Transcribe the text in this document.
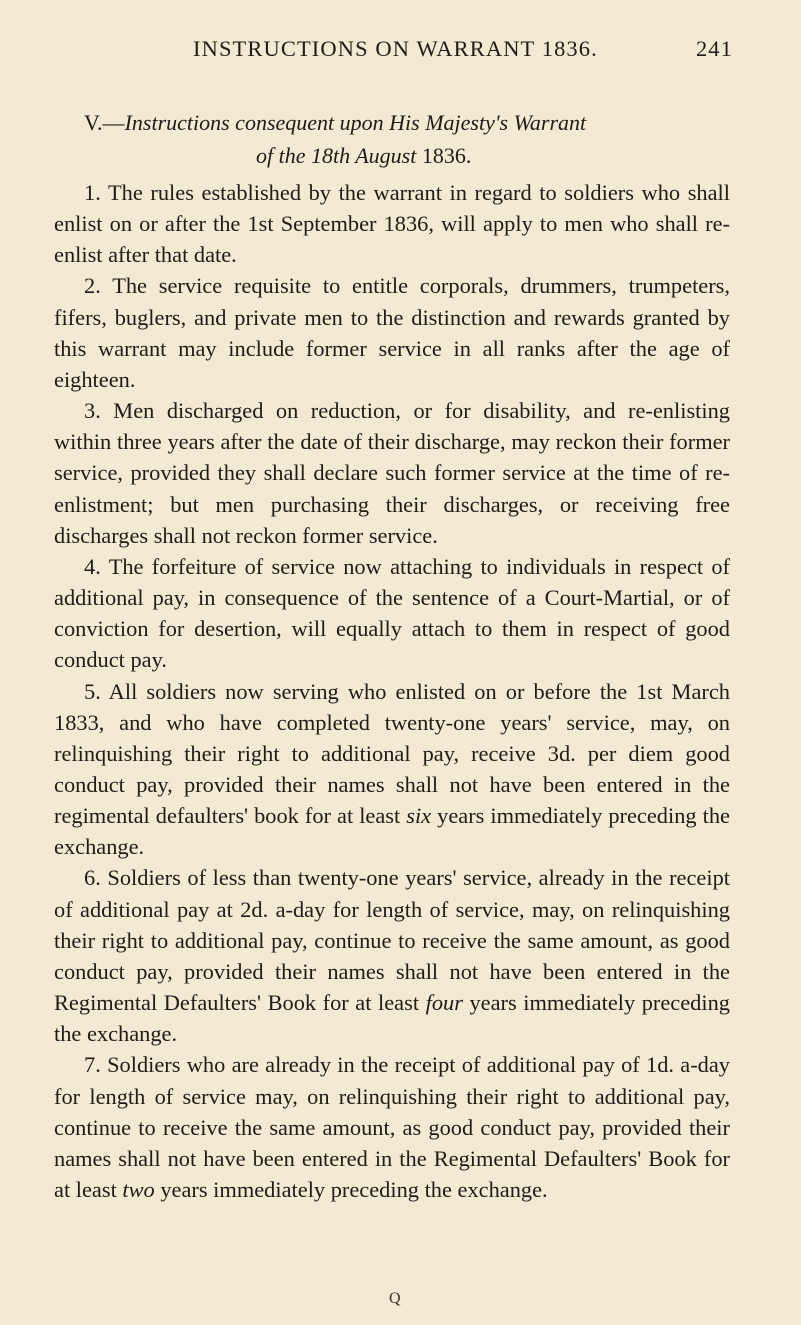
INSTRUCTIONS ON WARRANT 1836.	241
V.—Instructions consequent upon His Majesty's Warrant
of the 18th August 1836.

1. The rules established by the warrant in regard to soldiers who shall enlist on or after the 1st September 1836, will apply to men who shall re-enlist after that date.

2. The service requisite to entitle corporals, drummers, trumpeters, fifers, buglers, and private men to the distinction and rewards granted by this warrant may include former service in all ranks after the age of eighteen.

3. Men discharged on reduction, or for disability, and re-enlisting within three years after the date of their discharge, may reckon their former service, provided they shall declare such former service at the time of re-enlistment; but men purchasing their discharges, or receiving free discharges shall not reckon former service.

4. The forfeiture of service now attaching to individuals in respect of additional pay, in consequence of the sentence of a Court-Martial, or of conviction for desertion, will equally attach to them in respect of good conduct pay.

5. All soldiers now serving who enlisted on or before the 1st March 1833, and who have completed twenty-one years' service, may, on relinquishing their right to additional pay, receive 3d. per diem good conduct pay, provided their names shall not have been entered in the regimental defaulters' book for at least six years immediately preceding the exchange.

6. Soldiers of less than twenty-one years' service, already in the receipt of additional pay at 2d. a-day for length of service, may, on relinquishing their right to additional pay, continue to receive the same amount, as good conduct pay, provided their names shall not have been entered in the Regimental Defaulters' Book for at least four years immediately preceding the exchange.

7. Soldiers who are already in the receipt of additional pay of 1d. a-day for length of service may, on relinquishing their right to additional pay, continue to receive the same amount, as good conduct pay, provided their names shall not have been entered in the Regimental Defaulters' Book for at least two years immediately preceding the exchange.

Q
